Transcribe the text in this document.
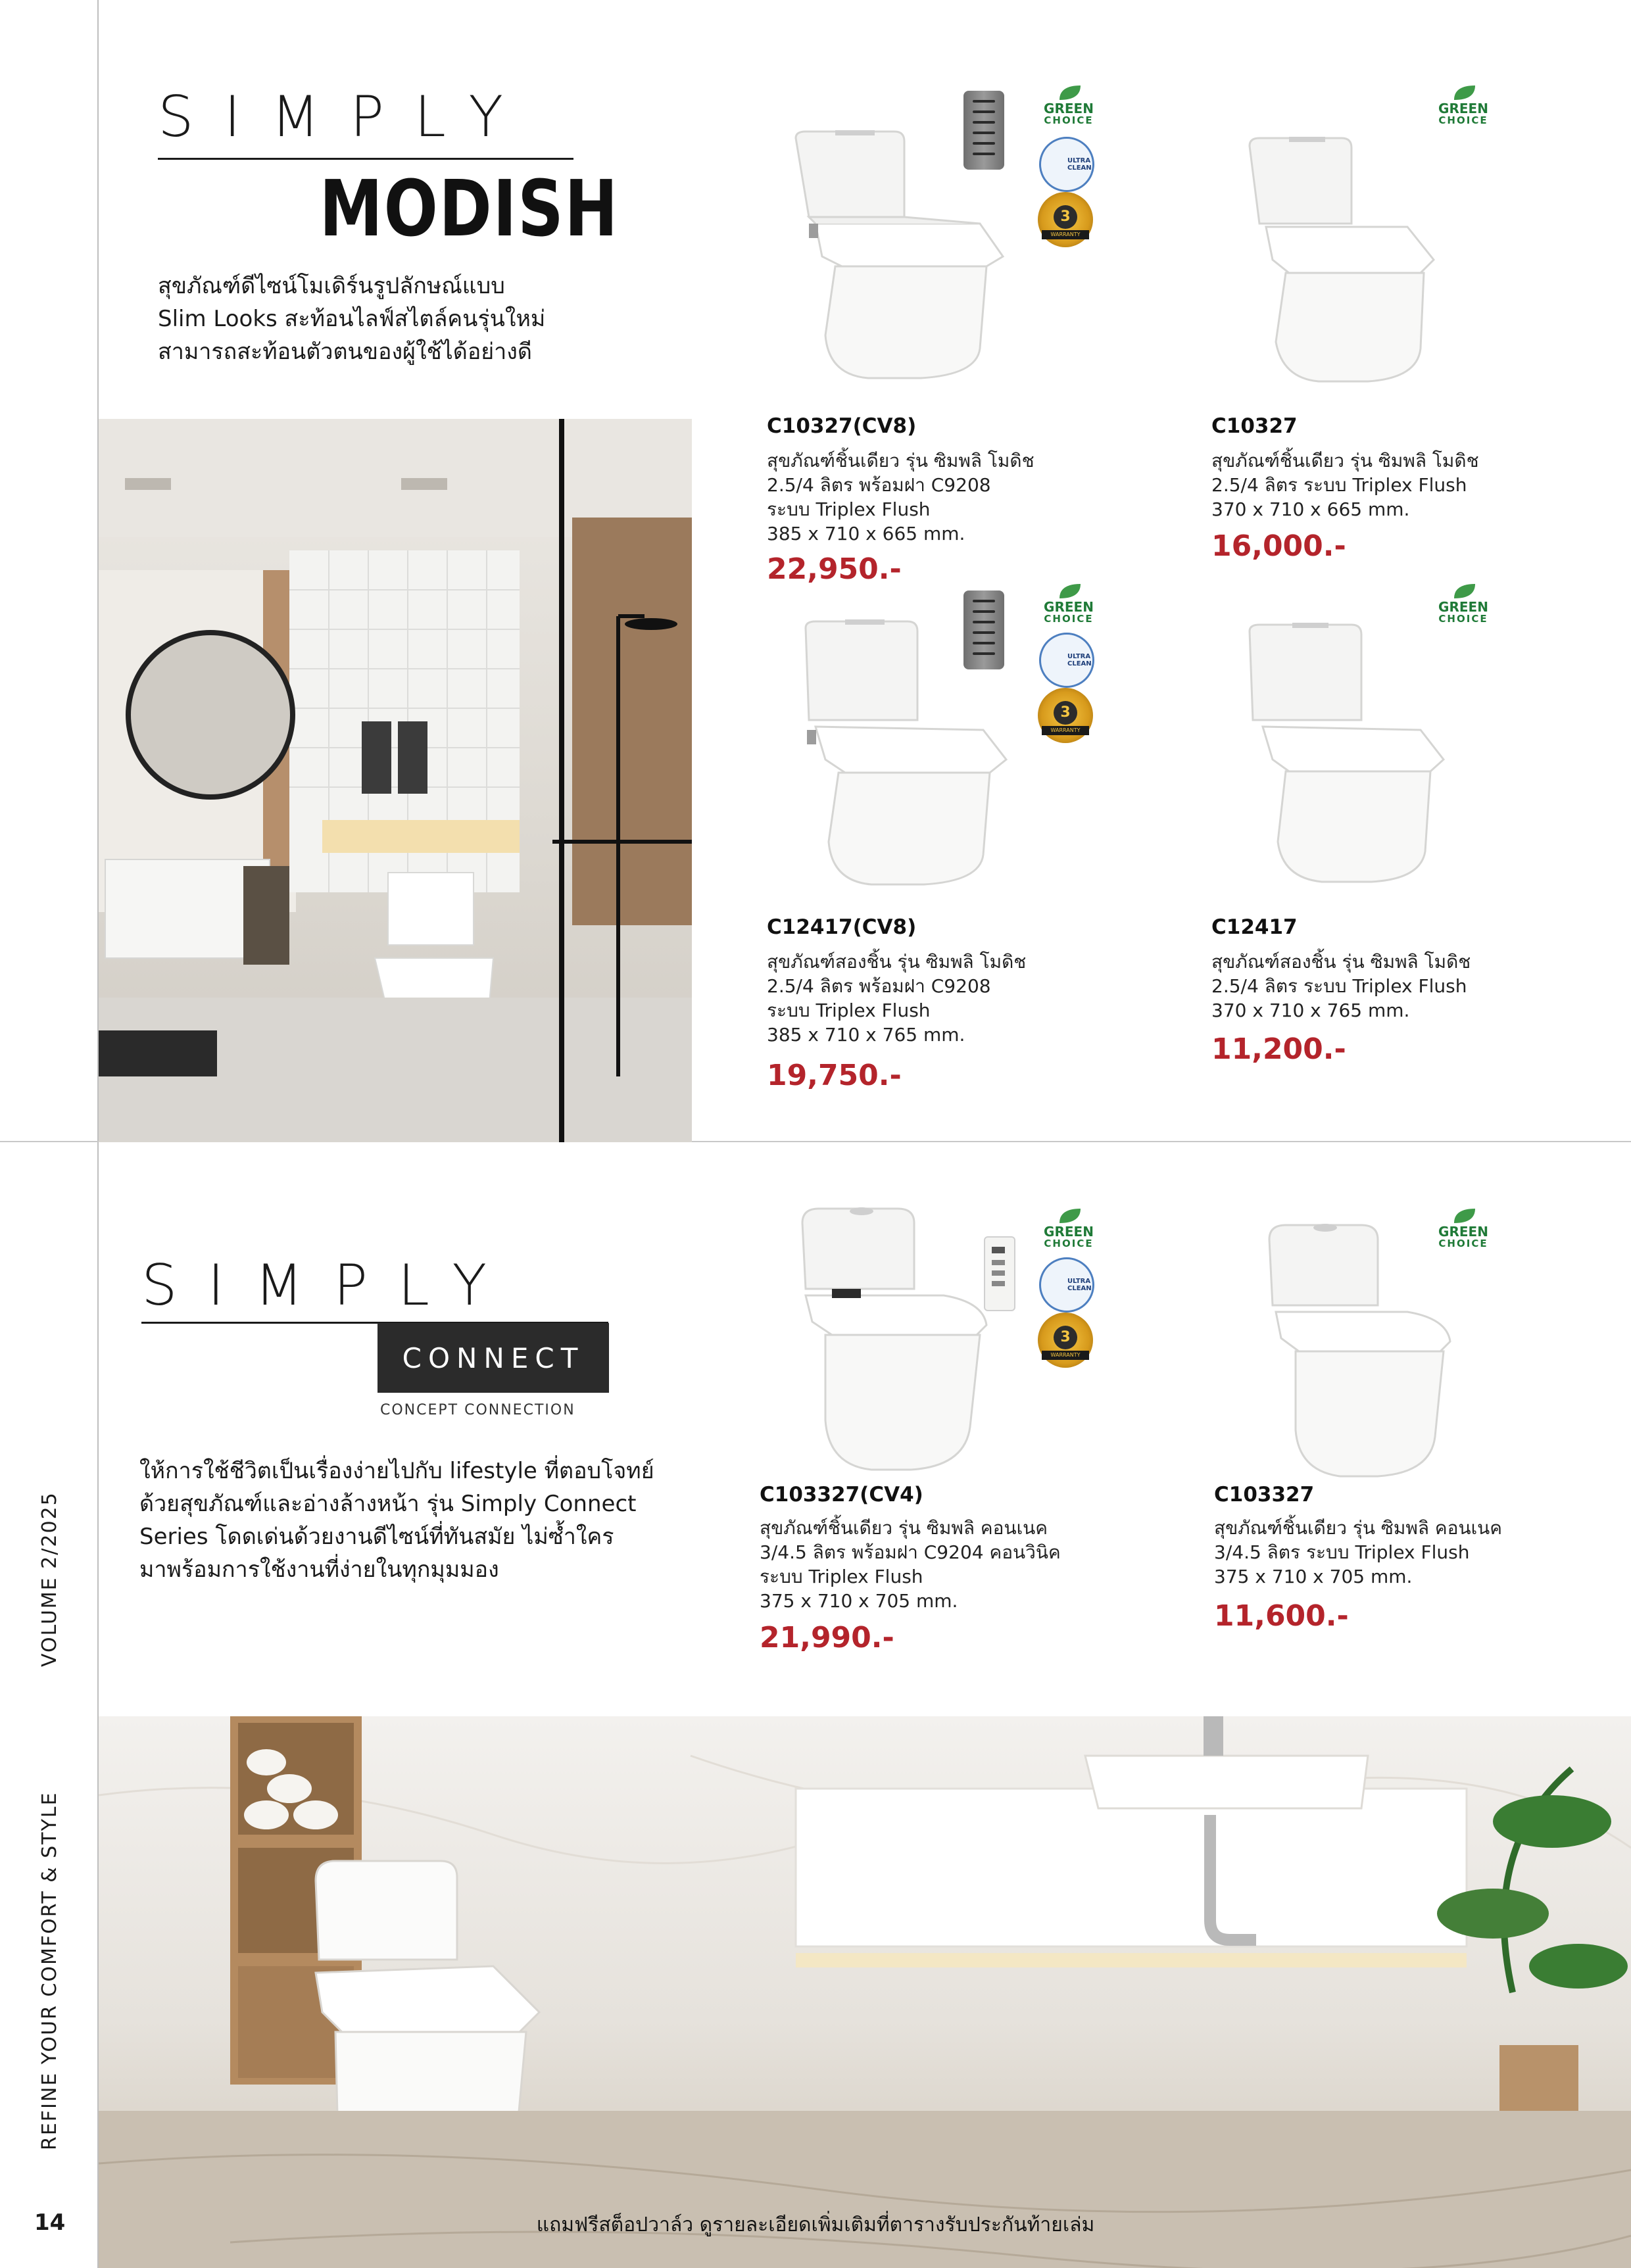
VOLUME 2/2025
REFINE YOUR COMFORT & STYLE
14
SIMPLY
MODISH
สุขภัณฑ์ดีไซน์โมเดิร์นรูปลักษณ์แบบ
Slim Looks สะท้อนไลฟ์สไตล์คนรุ่นใหม่
สามารถสะท้อนตัวตนของผู้ใช้ได้อย่างดี
GREEN
CHOICE
ULTRA
CLEAN
3
WARRANTY
GREEN
CHOICE
C10327(CV8)
สุขภัณฑ์ชิ้นเดียว รุ่น ซิมพลิ โมดิช
2.5/4 ลิตร พร้อมฝา C9208
ระบบ Triplex Flush
385 x 710 x 665 mm.
22,950.-
C10327
สุขภัณฑ์ชิ้นเดียว รุ่น ซิมพลิ โมดิช
2.5/4 ลิตร ระบบ Triplex Flush
370 x 710 x 665 mm.
16,000.-
GREEN
CHOICE
ULTRA
CLEAN
3
WARRANTY
GREEN
CHOICE
C12417(CV8)
สุขภัณฑ์สองชิ้น รุ่น ซิมพลิ โมดิช
2.5/4 ลิตร พร้อมฝา C9208
ระบบ Triplex Flush
385 x 710 x 765 mm.
19,750.-
C12417
สุขภัณฑ์สองชิ้น รุ่น ซิมพลิ โมดิช
2.5/4 ลิตร ระบบ Triplex Flush
370 x 710 x 765 mm.
11,200.-
SIMPLY
CONNECT
CONCEPT CONNECTION
ให้การใช้ชีวิตเป็นเรื่องง่ายไปกับ lifestyle ที่ตอบโจทย์
ด้วยสุขภัณฑ์และอ่างล้างหน้า รุ่น Simply Connect
Series โดดเด่นด้วยงานดีไซน์ที่ทันสมัย ไม่ซ้ำใคร
มาพร้อมการใช้งานที่ง่ายในทุกมุมมอง
GREEN
CHOICE
ULTRA
CLEAN
3
WARRANTY
GREEN
CHOICE
C103327(CV4)
สุขภัณฑ์ชิ้นเดียว รุ่น ซิมพลิ คอนเนค
3/4.5 ลิตร พร้อมฝา C9204 คอนวินิค
ระบบ Triplex Flush
375 x 710 x 705 mm.
21,990.-
C103327
สุขภัณฑ์ชิ้นเดียว รุ่น ซิมพลิ คอนเนค
3/4.5 ลิตร ระบบ Triplex Flush
375 x 710 x 705 mm.
11,600.-
แถมฟรีสต็อปวาล์ว ดูรายละเอียดเพิ่มเติมที่ตารางรับประกันท้ายเล่ม
